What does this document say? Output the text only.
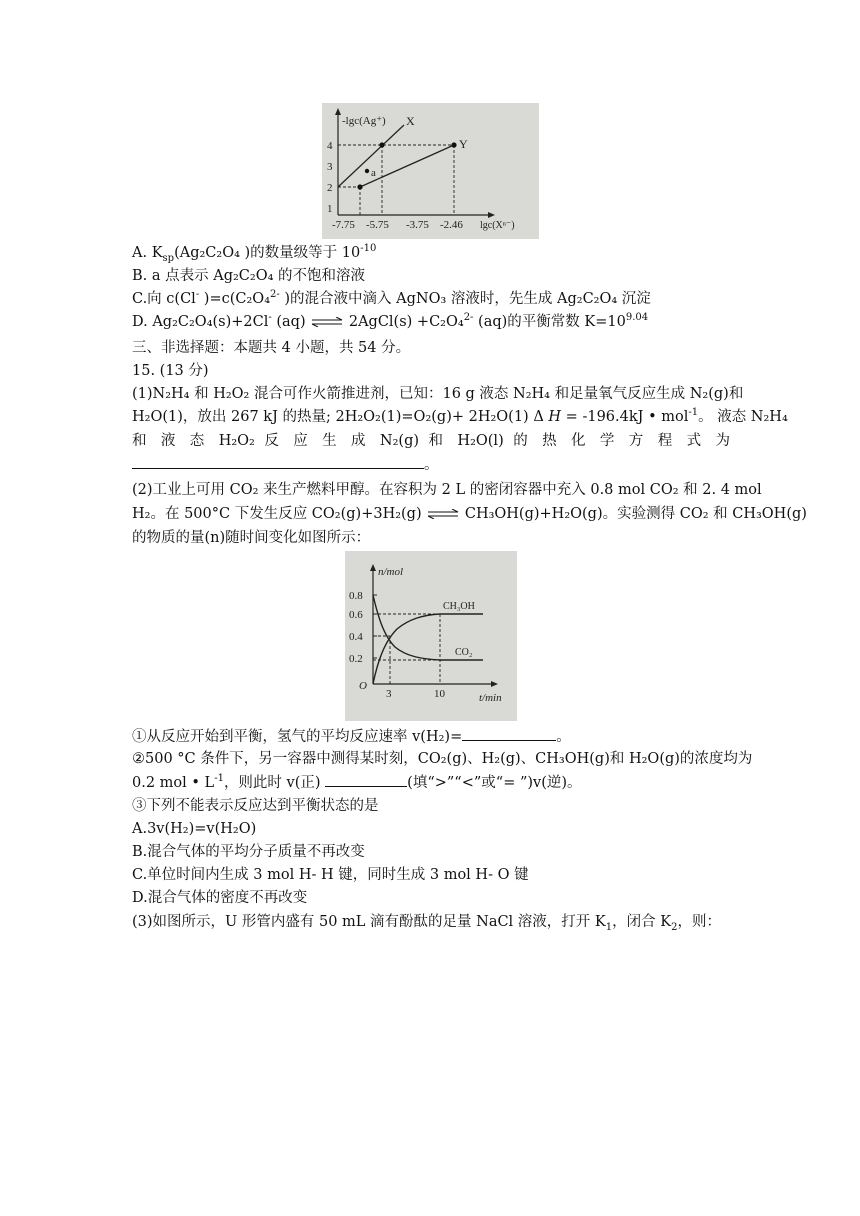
-lgc(Ag⁺) X
Y
a
4
3
2
1
-7.75 -5.75 -3.75 -2.46 lgc(Xⁿ⁻)
A. $K_{sp}(Ag_2C_2O_4$ )的数量级等于 $10^{-10}$
B. a 点表示 Ag₂C₂O₄ 的不饱和溶液
C.向 c(Cl- )=c(C₂O₄$^{2-}$ )的混合液中滴入 AgNO₃ 溶液时，先生成 Ag₂C₂O₄ 沉淀
D. Ag₂C₂O₄(s)+2Cl- (aq) ⇌ 2AgCl(s) +C₂O₄$^{2-}$ (aq)的平衡常数 $K=10^{9.04}$
三、非选择题：本题共 4 小题，共 54 分。
15. (13 分)
(1)N₂H₄ 和 H₂O₂ 混合可作火箭推进剂，已知：16 g 液态 N₂H₄ 和足量氧气反应生成 N₂(g)和
H₂O(1)，放出 267 kJ 的热量; 2H₂O₂(1)=O₂(g)+ 2H₂O(1) Δ H = -196.4kJ • mol$^{-1}$。 液态 N₂H₄
和 液 态 H₂O₂ 反 应 生 成 N₂(g) 和 H₂O(l) 的 热 化 学 方 程 式 为
。
(2)工业上可用 CO₂ 来生产燃料甲醇。在容积为 2 L 的密闭容器中充入 0.8 mol CO₂ 和 2. 4 mol
H₂。在 500°C 下发生反应 CO₂(g)+3H₂(g) ⇌ CH₃OH(g)+H₂O(g)。实验测得 CO₂ 和 CH₃OH(g)
的物质的量(n)随时间变化如图所示：
n/mol
0.8
0.6
0.4
0.2
O
3	10	t/min
CH₃OH
CO₂
①从反应开始到平衡，氢气的平均反应速率 v(H₂)=	。
②500 °C 条件下，另一容器中测得某时刻，CO₂(g)、H₂(g)、CH₃OH(g)和 H₂O(g)的浓度均为
0.2 mol • $L^{-1}$，则此时 v(正)	(填“>”“<”或“= ”)v(逆)。
③下列不能表示反应达到平衡状态的是
A.3v(H₂)=v(H₂O)
B.混合气体的平均分子质量不再改变
C.单位时间内生成 3 mol H- H 键，同时生成 3 mol H- O 键
D.混合气体的密度不再改变
(3)如图所示，U 形管内盛有 50 mL 滴有酚酞的足量 NaCl 溶液，打开 $K_1$，闭合 $K_2$，则：
